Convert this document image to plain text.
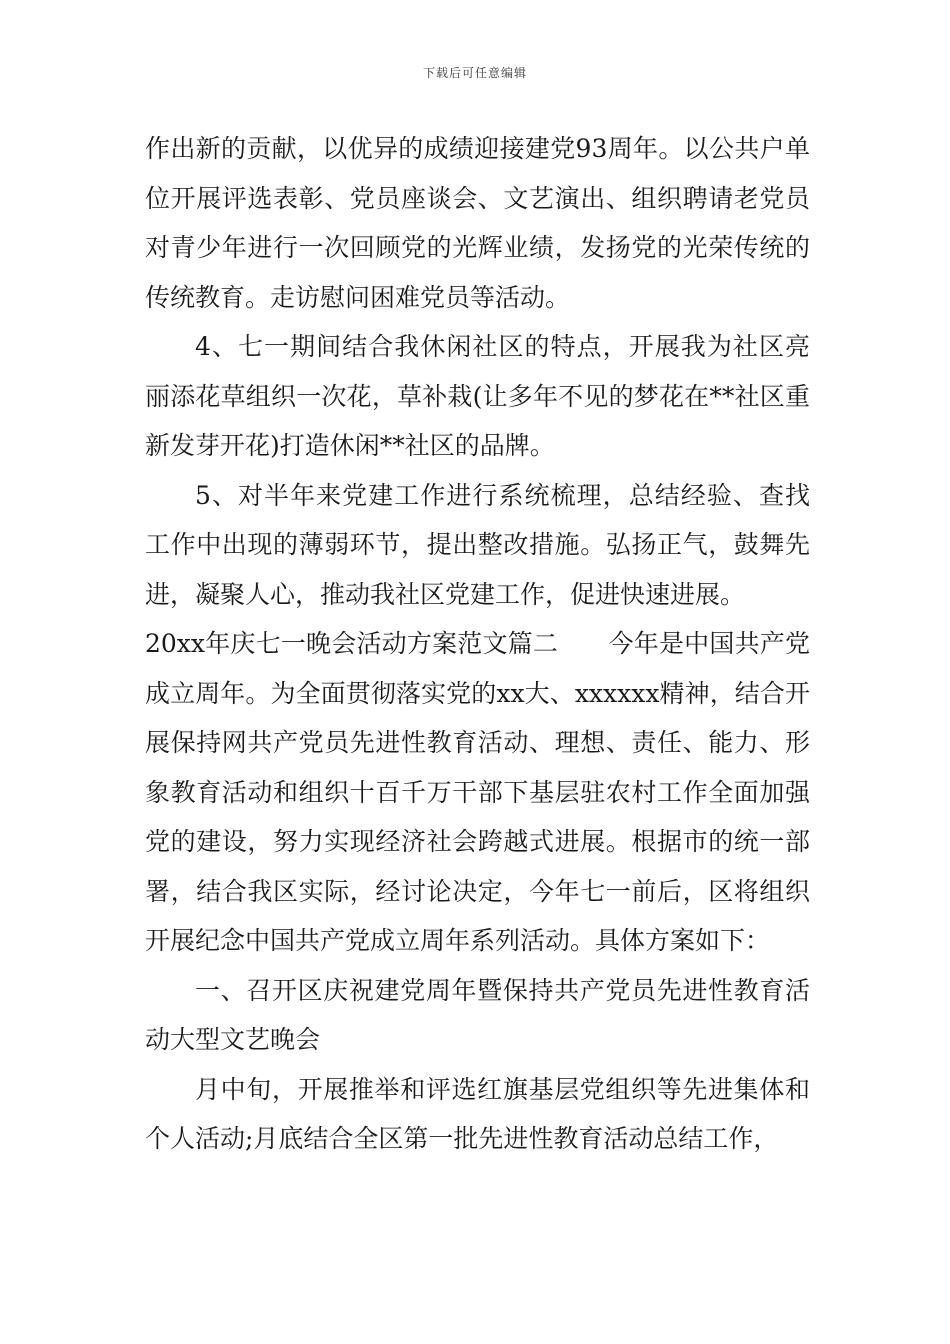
下载后可任意编辑

作出新的贡献，以优异的成绩迎接建党93周年。以公共户单位开展评选表彰、党员座谈会、文艺演出、组织聘请老党员对青少年进行一次回顾党的光辉业绩，发扬党的光荣传统的传统教育。走访慰问困难党员等活动。

4、七一期间结合我休闲社区的特点，开展我为社区亮丽添花草组织一次花，草补栽(让多年不见的梦花在**社区重新发芽开花)打造休闲**社区的品牌。

5、对半年来党建工作进行系统梳理，总结经验、查找工作中出现的薄弱环节，提出整改措施。弘扬正气，鼓舞先进，凝聚人心，推动我社区党建工作，促进快速进展。

20xx年庆七一晚会活动方案范文篇二　　今年是中国共产党成立周年。为全面贯彻落实党的xx大、xxxxxx精神，结合开展保持网共产党员先进性教育活动、理想、责任、能力、形象教育活动和组织十百千万干部下基层驻农村工作全面加强党的建设，努力实现经济社会跨越式进展。根据市的统一部署，结合我区实际，经讨论决定，今年七一前后，区将组织开展纪念中国共产党成立周年系列活动。具体方案如下：

一、召开区庆祝建党周年暨保持共产党员先进性教育活动大型文艺晚会

月中旬，开展推举和评选红旗基层党组织等先进集体和个人活动;月底结合全区第一批先进性教育活动总结工作，
